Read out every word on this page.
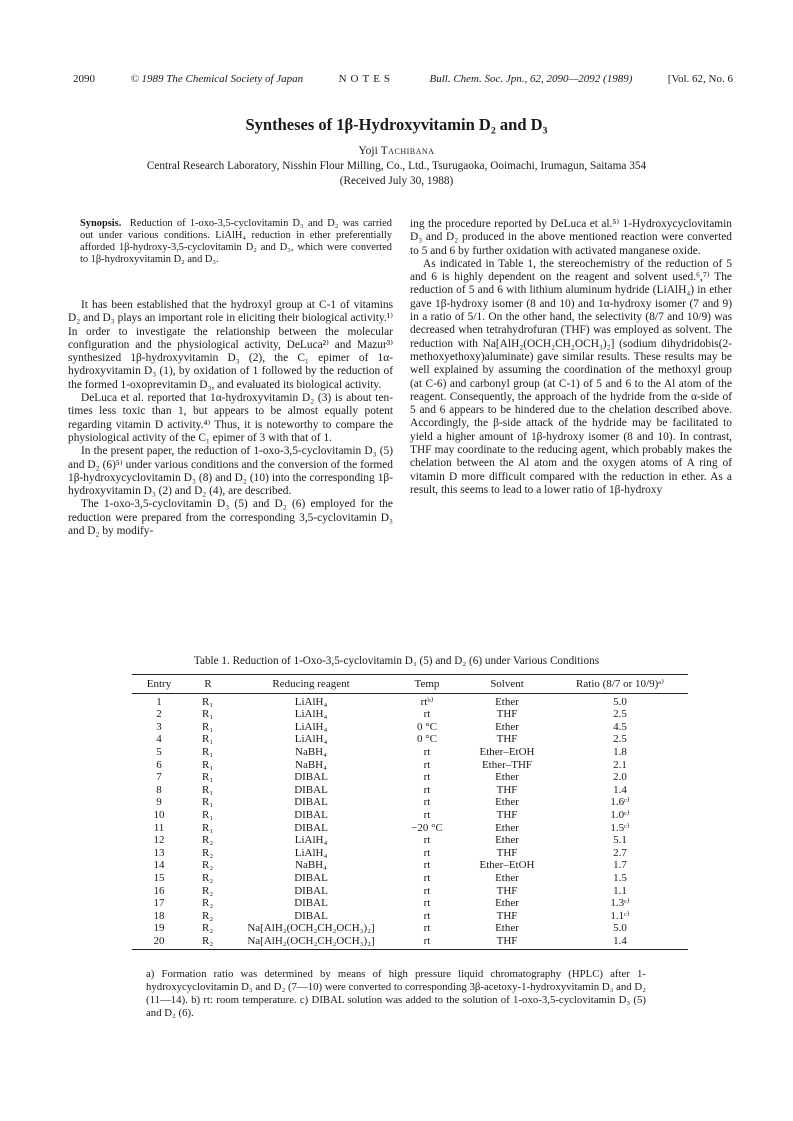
2090	© 1989 The Chemical Society of Japan	NOTES	Bull. Chem. Soc. Jpn., 62, 2090—2092 (1989)	[Vol. 62, No. 6
Syntheses of 1β-Hydroxyvitamin D₂ and D₃
Yoji Tachibana
Central Research Laboratory, Nisshin Flour Milling, Co., Ltd., Tsurugaoka, Ooimachi, Irumagun, Saitama 354
(Received July 30, 1988)

Synopsis. Reduction of 1-oxo-3,5-cyclovitamin D₃ and D₂ was carried out under various conditions. LiAlH₄ reduction in ether preferentially afforded 1β-hydroxy-3,5-cyclovitamin D₂ and D₃, which were converted to 1β-hydroxyvitamin D₂ and D₃.

It has been established that the hydroxyl group at C-1 of vitamins D₂ and D₃ plays an important role in eliciting their biological activity.¹⁾ In order to investigate the relationship between the molecular configuration and the physiological activity, DeLuca²⁾ and Mazur³⁾ synthesized 1β-hydroxyvitamin D₃ (2), the C₁ epimer of 1α-hydroxyvitamin D₃ (1), by oxidation of 1 followed by the reduction of the formed 1-oxoprevitamin D₃, and evaluated its biological activity.

DeLuca et al. reported that 1α-hydroxyvitamin D₂ (3) is about ten-times less toxic than 1, but appears to be almost equally potent regarding vitamin D activity.⁴⁾ Thus, it is noteworthy to compare the physiological activity of the C₁ epimer of 3 with that of 1.

In the present paper, the reduction of 1-oxo-3,5-cyclovitamin D₃ (5) and D₂ (6)⁵⁾ under various conditions and the conversion of the formed 1β-hydroxycyclovitamin D₃ (8) and D₂ (10) into the corresponding 1β-hydroxyvitamin D₃ (2) and D₂ (4), are described.

The 1-oxo-3,5-cyclovitamin D₃ (5) and D₂ (6) employed for the reduction were prepared from the corresponding 3,5-cyclovitamin D₃ and D₂ by modify-

ing the procedure reported by DeLuca et al.⁵⁾ 1-Hydroxycyclovitamin D₃ and D₂ produced in the above mentioned reaction were converted to 5 and 6 by further oxidation with activated manganese oxide.

As indicated in Table 1, the stereochemistry of the reduction of 5 and 6 is highly dependent on the reagent and solvent used.⁶,⁷⁾ The reduction of 5 and 6 with lithium aluminum hydride (LiAlH₄) in ether gave 1β-hydroxy isomer (8 and 10) and 1α-hydroxy isomer (7 and 9) in a ratio of 5/1. On the other hand, the selectivity (8/7 and 10/9) was decreased when tetrahydrofuran (THF) was employed as solvent. The reduction with Na[AlH₂(OCH₂CH₂OCH₃)₂] (sodium dihydridobis(2-methoxyethoxy)aluminate) gave similar results. These results may be well explained by assuming the coordination of the methoxyl group (at C-6) and carbonyl group (at C-1) of 5 and 6 to the Al atom of the reagent. Consequently, the approach of the hydride from the α-side of 5 and 6 appears to be hindered due to the chelation described above. Accordingly, the β-side attack of the hydride may be facilitated to yield a higher amount of 1β-hydroxy isomer (8 and 10). In contrast, THF may coordinate to the reducing agent, which probably makes the chelation between the Al atom and the oxygen atoms of A ring of vitamin D more difficult compared with the reduction in ether. As a result, this seems to lead to a lower ratio of 1β-hydroxy

Table 1. Reduction of 1-Oxo-3,5-cyclovitamin D₃ (5) and D₂ (6) under Various Conditions
Entry	R	Reducing reagent	Temp	Solvent	Ratio (8/7 or 10/9)ᵃ⁾
1	R₁	LiAlH₄	rtᵇ⁾	Ether	5.0
2	R₁	LiAlH₄	rt	THF	2.5
3	R₁	LiAlH₄	0 °C	Ether	4.5
4	R₁	LiAlH₄	0 °C	THF	2.5
5	R₁	NaBH₄	rt	Ether–EtOH	1.8
6	R₁	NaBH₄	rt	Ether–THF	2.1
7	R₁	DIBAL	rt	Ether	2.0
8	R₁	DIBAL	rt	THF	1.4
9	R₁	DIBAL	rt	Ether	1.6ᶜ⁾
10	R₁	DIBAL	rt	THF	1.0ᶜ⁾
11	R₁	DIBAL	−20 °C	Ether	1.5ᶜ⁾
12	R₂	LiAlH₄	rt	Ether	5.1
13	R₂	LiAlH₄	rt	THF	2.7
14	R₂	NaBH₄	rt	Ether–EtOH	1.7
15	R₂	DIBAL	rt	Ether	1.5
16	R₂	DIBAL	rt	THF	1.1
17	R₂	DIBAL	rt	Ether	1.3ᶜ⁾
18	R₂	DIBAL	rt	THF	1.1ᶜ⁾
19	R₂	Na[AlH₂(OCH₂CH₂OCH₃)₂]	rt	Ether	5.0
20	R₂	Na[AlH₂(OCH₂CH₂OCH₃)₂]	rt	THF	1.4
a) Formation ratio was determined by means of high pressure liquid chromatography (HPLC) after 1-hydroxycyclovitamin D₃ and D₂ (7—10) were converted to corresponding 3β-acetoxy-1-hydroxyvitamin D₃ and D₂ (11—14). b) rt: room temperature. c) DIBAL solution was added to the solution of 1-oxo-3,5-cyclovitamin D₃ (5) and D₂ (6).
